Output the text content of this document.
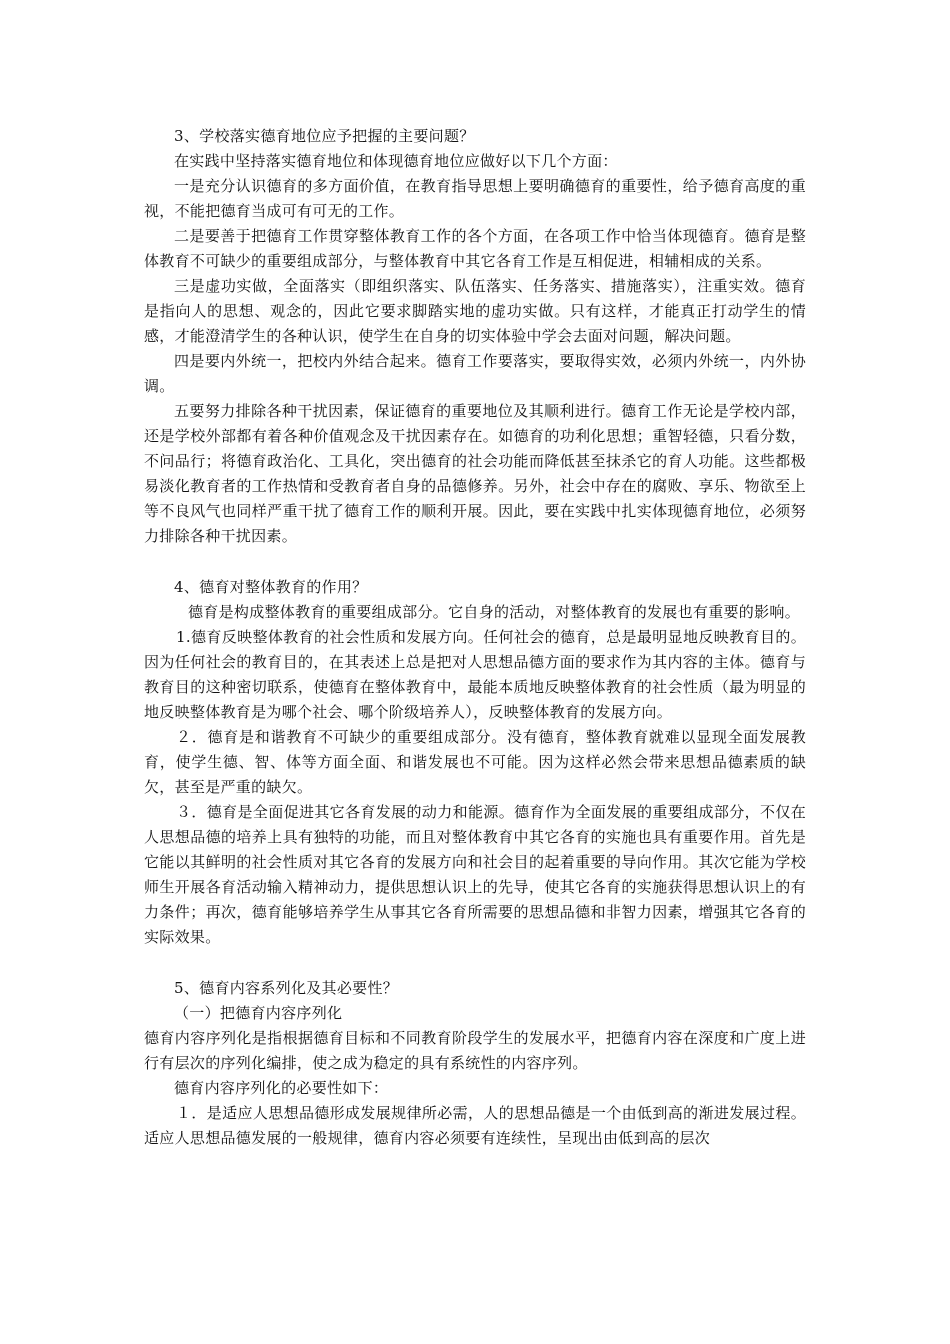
3、学校落实德育地位应予把握的主要问题？

在实践中坚持落实德育地位和体现德育地位应做好以下几个方面：

一是充分认识德育的多方面价值，在教育指导思想上要明确德育的重要性，给予德育高度的重视，不能把德育当成可有可无的工作。

二是要善于把德育工作贯穿整体教育工作的各个方面，在各项工作中恰当体现德育。德育是整体教育不可缺少的重要组成部分，与整体教育中其它各育工作是互相促进，相辅相成的关系。

三是虚功实做，全面落实（即组织落实、队伍落实、任务落实、措施落实），注重实效。德育是指向人的思想、观念的，因此它要求脚踏实地的虚功实做。只有这样，才能真正打动学生的情感，才能澄清学生的各种认识，使学生在自身的切实体验中学会去面对问题，解决问题。

四是要内外统一，把校内外结合起来。德育工作要落实，要取得实效，必须内外统一，内外协调。

五要努力排除各种干扰因素，保证德育的重要地位及其顺利进行。德育工作无论是学校内部，还是学校外部都有着各种价值观念及干扰因素存在。如德育的功利化思想；重智轻德，只看分数，不问品行；将德育政治化、工具化，突出德育的社会功能而降低甚至抹杀它的育人功能。这些都极易淡化教育者的工作热情和受教育者自身的品德修养。另外，社会中存在的腐败、享乐、物欲至上等不良风气也同样严重干扰了德育工作的顺利开展。因此，要在实践中扎实体现德育地位，必须努力排除各种干扰因素。

4、德育对整体教育的作用？

德育是构成整体教育的重要组成部分。它自身的活动，对整体教育的发展也有重要的影响。

1.德育反映整体教育的社会性质和发展方向。任何社会的德育，总是最明显地反映教育目的。因为任何社会的教育目的，在其表述上总是把对人思想品德方面的要求作为其内容的主体。德育与教育目的这种密切联系，使德育在整体教育中，最能本质地反映整体教育的社会性质（最为明显的地反映整体教育是为哪个社会、哪个阶级培养人），反映整体教育的发展方向。

２．德育是和谐教育不可缺少的重要组成部分。没有德育，整体教育就难以显现全面发展教育，使学生德、智、体等方面全面、和谐发展也不可能。因为这样必然会带来思想品德素质的缺欠，甚至是严重的缺欠。

３．德育是全面促进其它各育发展的动力和能源。德育作为全面发展的重要组成部分，不仅在人思想品德的培养上具有独特的功能，而且对整体教育中其它各育的实施也具有重要作用。首先是它能以其鲜明的社会性质对其它各育的发展方向和社会目的起着重要的导向作用。其次它能为学校师生开展各育活动输入精神动力，提供思想认识上的先导，使其它各育的实施获得思想认识上的有力条件；再次，德育能够培养学生从事其它各育所需要的思想品德和非智力因素，增强其它各育的实际效果。

5、德育内容系列化及其必要性？

（一）把德育内容序列化

德育内容序列化是指根据德育目标和不同教育阶段学生的发展水平，把德育内容在深度和广度上进行有层次的序列化编排，使之成为稳定的具有系统性的内容序列。

德育内容序列化的必要性如下：

１．是适应人思想品德形成发展规律所必需，人的思想品德是一个由低到高的渐进发展过程。适应人思想品德发展的一般规律，德育内容必须要有连续性，呈现出由低到高的层次
